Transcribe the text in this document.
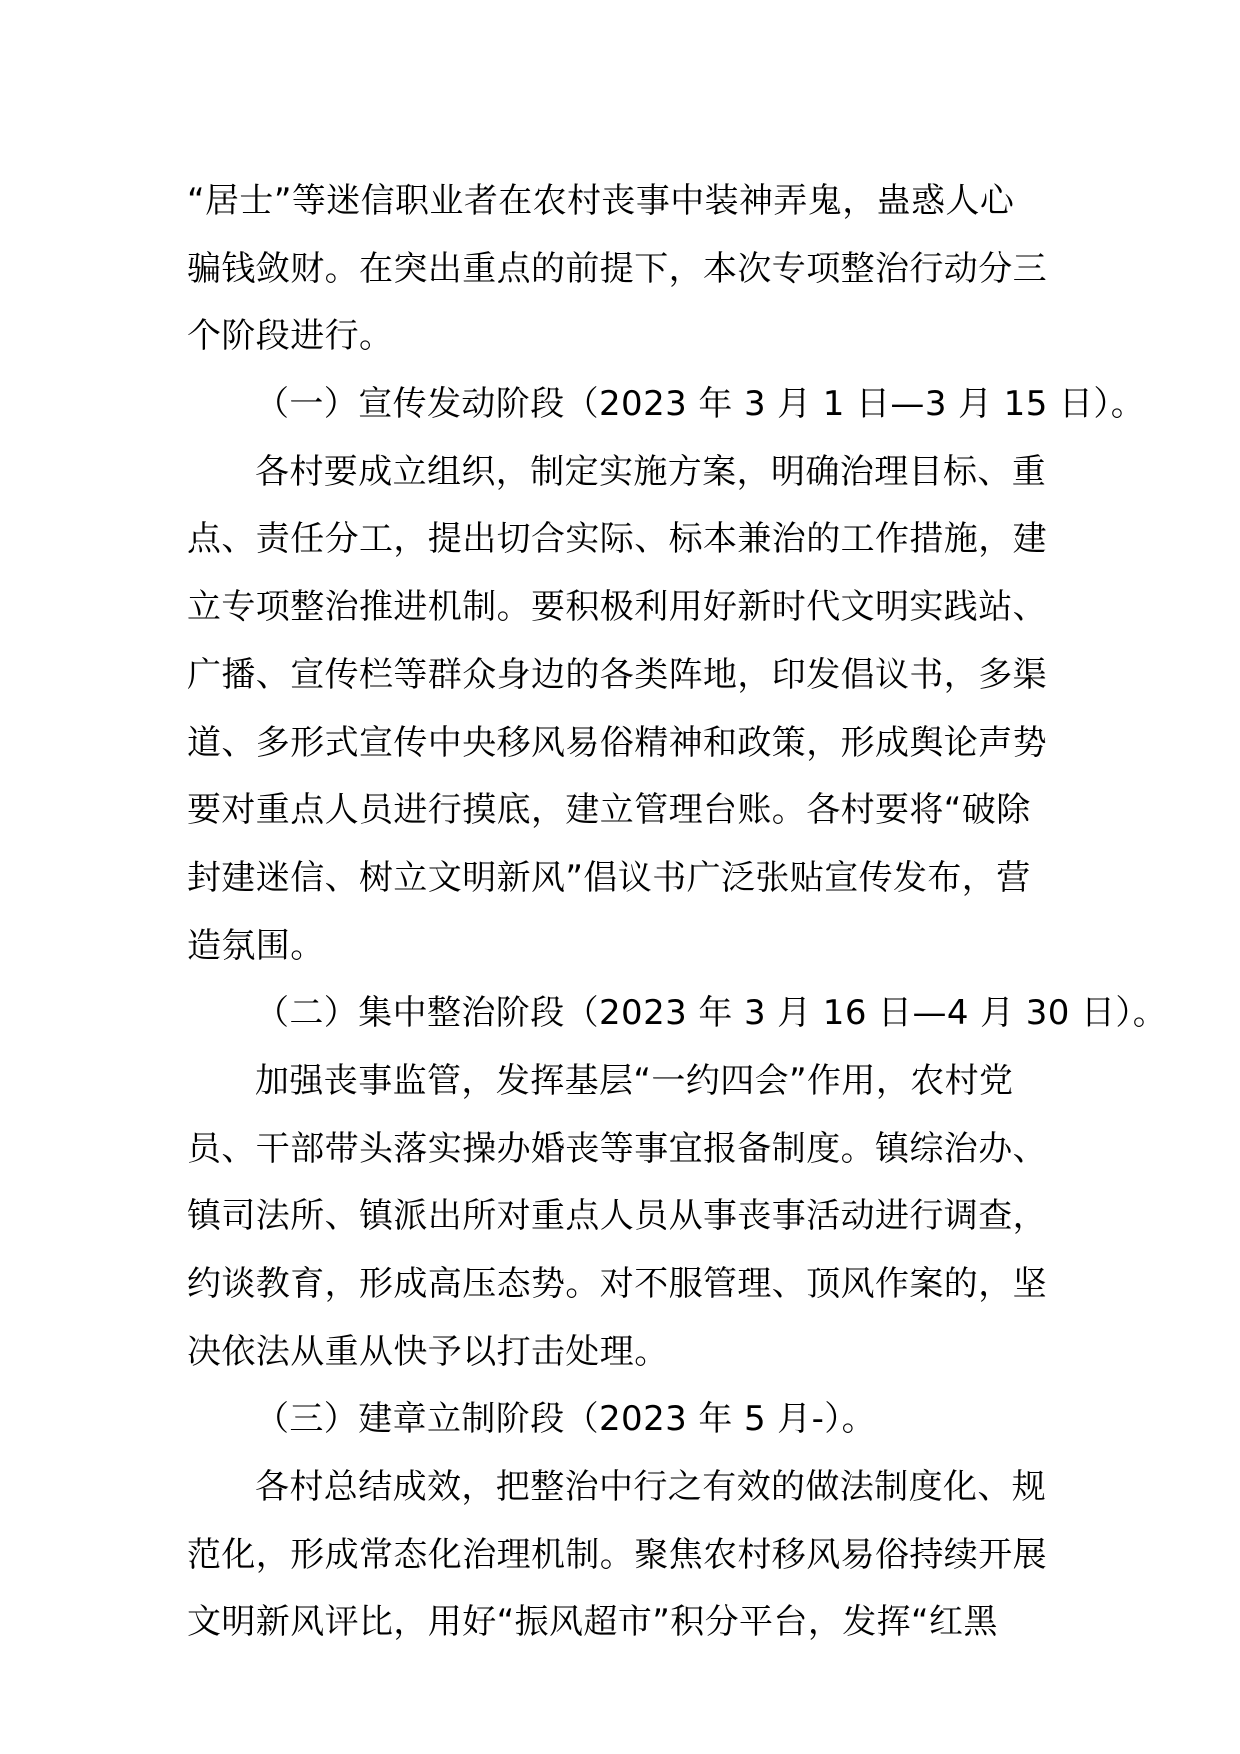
“居士”等迷信职业者在农村丧事中装神弄鬼，蛊惑人心
骗钱敛财。在突出重点的前提下，本次专项整治行动分三
个阶段进行。
（一）宣传发动阶段（2023 年 3 月 1 日—3 月 15 日）。
各村要成立组织，制定实施方案，明确治理目标、重
点、责任分工，提出切合实际、标本兼治的工作措施，建
立专项整治推进机制。要积极利用好新时代文明实践站、
广播、宣传栏等群众身边的各类阵地，印发倡议书，多渠
道、多形式宣传中央移风易俗精神和政策，形成舆论声势
要对重点人员进行摸底，建立管理台账。各村要将“破除
封建迷信、树立文明新风”倡议书广泛张贴宣传发布，营
造氛围。
（二）集中整治阶段（2023 年 3 月 16 日—4 月 30 日）。
加强丧事监管，发挥基层“一约四会”作用，农村党
员、干部带头落实操办婚丧等事宜报备制度。镇综治办、
镇司法所、镇派出所对重点人员从事丧事活动进行调查，
约谈教育，形成高压态势。对不服管理、顶风作案的，坚
决依法从重从快予以打击处理。
（三）建章立制阶段（2023 年 5 月-）。
各村总结成效，把整治中行之有效的做法制度化、规
范化，形成常态化治理机制。聚焦农村移风易俗持续开展
文明新风评比，用好“振风超市”积分平台，发挥“红黑
